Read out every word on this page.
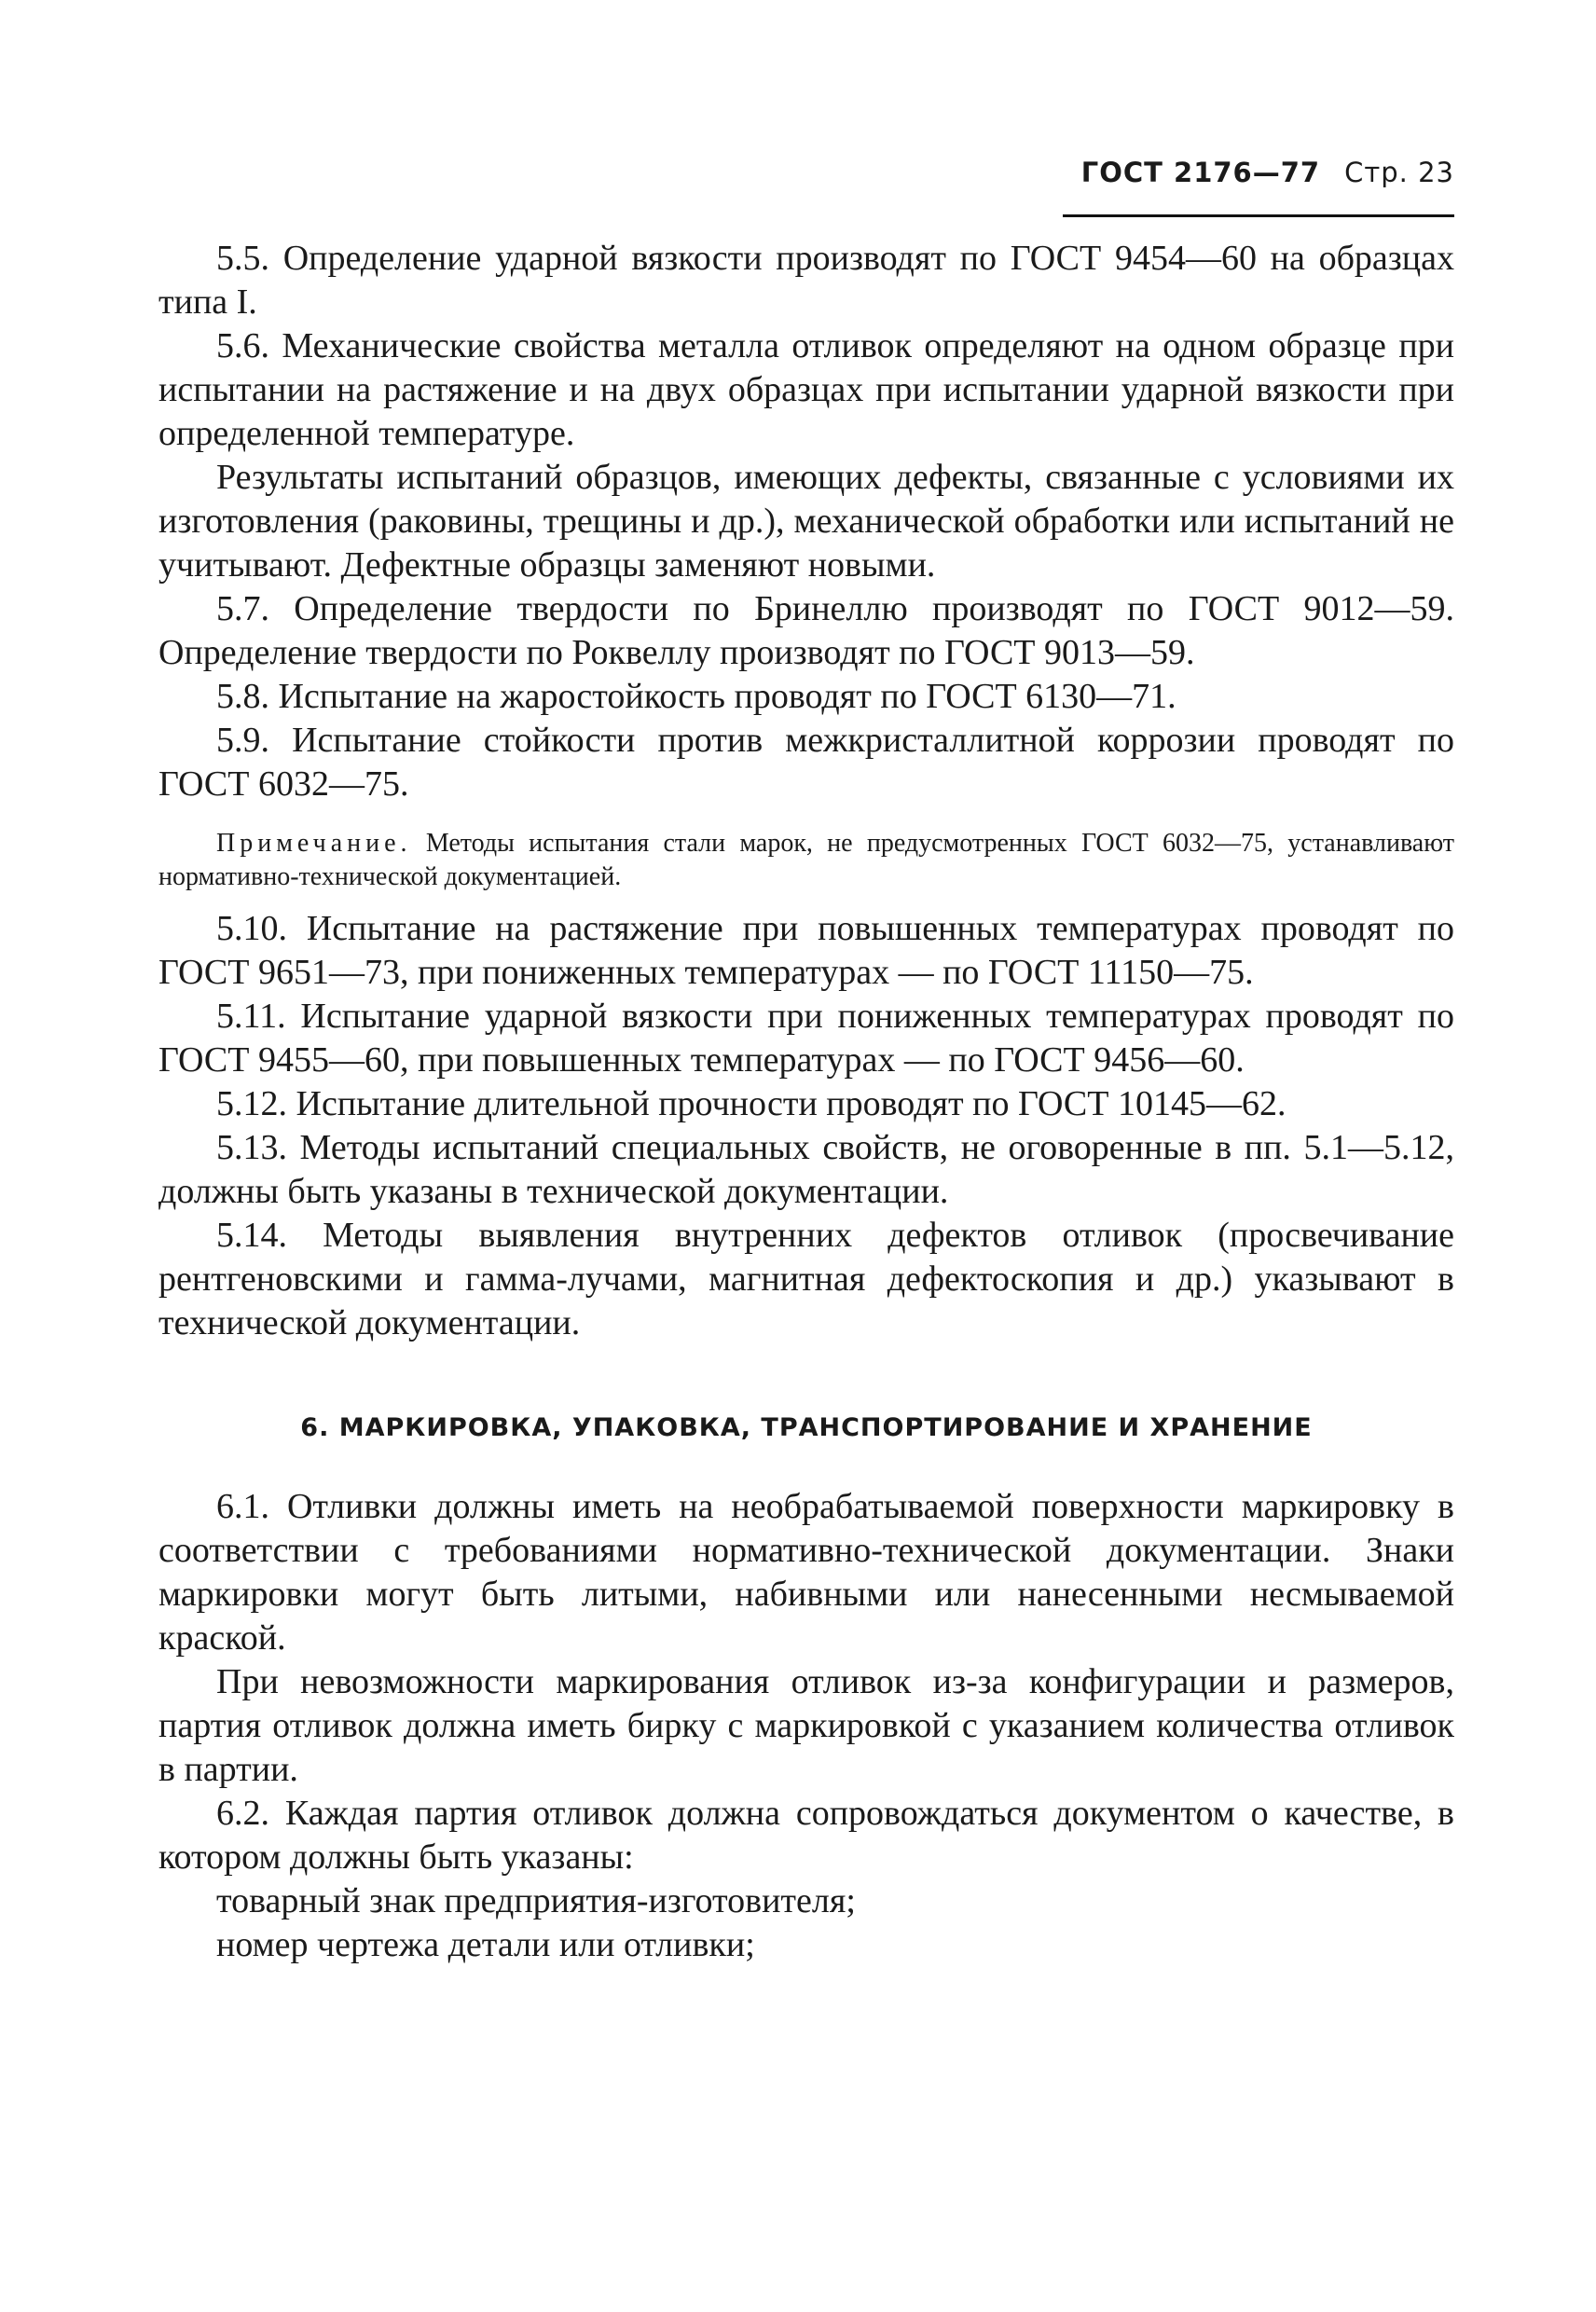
ГОСТ 2176—77 Стр. 23

5.5. Определение ударной вязкости производят по ГОСТ 9454—60 на образцах типа I.

5.6. Механические свойства металла отливок определяют на одном образце при испытании на растяжение и на двух образцах при испытании ударной вязкости при определенной температуре.

Результаты испытаний образцов, имеющих дефекты, связанные с условиями их изготовления (раковины, трещины и др.), механической обработки или испытаний не учитывают. Дефектные образцы заменяют новыми.

5.7. Определение твердости по Бринеллю производят по ГОСТ 9012—59. Определение твердости по Роквеллу производят по ГОСТ 9013—59.

5.8. Испытание на жаростойкость проводят по ГОСТ 6130—71.

5.9. Испытание стойкости против межкристаллитной коррозии проводят по ГОСТ 6032—75.

Примечание. Методы испытания стали марок, не предусмотренных ГОСТ 6032—75, устанавливают нормативно-технической документацией.

5.10. Испытание на растяжение при повышенных температурах проводят по ГОСТ 9651—73, при пониженных температурах — по ГОСТ 11150—75.

5.11. Испытание ударной вязкости при пониженных температурах проводят по ГОСТ 9455—60, при повышенных температурах — по ГОСТ 9456—60.

5.12. Испытание длительной прочности проводят по ГОСТ 10145—62.

5.13. Методы испытаний специальных свойств, не оговоренные в пп. 5.1—5.12, должны быть указаны в технической документации.

5.14. Методы выявления внутренних дефектов отливок (просвечивание рентгеновскими и гамма-лучами, магнитная дефектоскопия и др.) указывают в технической документации.

6. МАРКИРОВКА, УПАКОВКА, ТРАНСПОРТИРОВАНИЕ И ХРАНЕНИЕ

6.1. Отливки должны иметь на необрабатываемой поверхности маркировку в соответствии с требованиями нормативно-технической документации. Знаки маркировки могут быть литыми, набивными или нанесенными несмываемой краской.

При невозможности маркирования отливок из-за конфигурации и размеров, партия отливок должна иметь бирку с маркировкой с указанием количества отливок в партии.

6.2. Каждая партия отливок должна сопровождаться документом о качестве, в котором должны быть указаны:

товарный знак предприятия-изготовителя;

номер чертежа детали или отливки;
